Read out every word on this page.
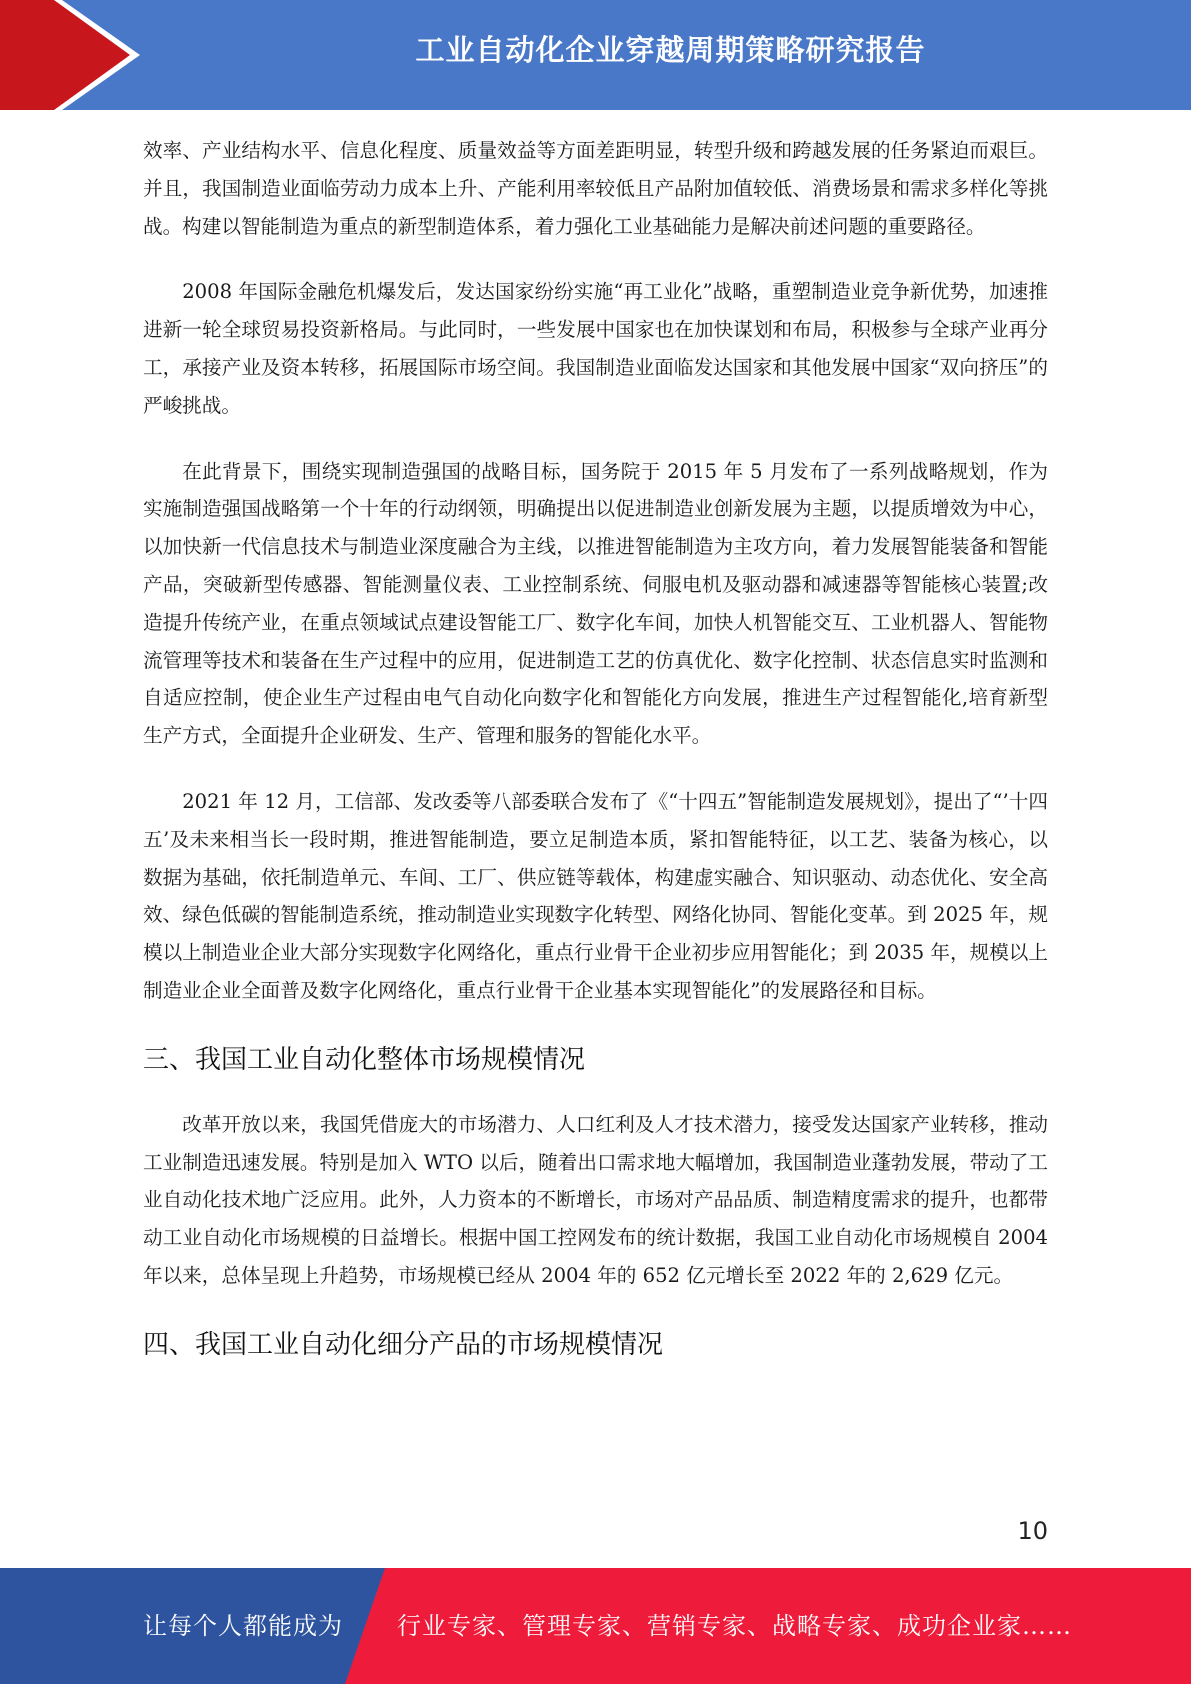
工业自动化企业穿越周期策略研究报告

效率、产业结构水平、信息化程度、质量效益等方面差距明显，转型升级和跨越发展的任务紧迫而艰巨。并且，我国制造业面临劳动力成本上升、产能利用率较低且产品附加值较低、消费场景和需求多样化等挑战。构建以智能制造为重点的新型制造体系，着力强化工业基础能力是解决前述问题的重要路径。

2008 年国际金融危机爆发后，发达国家纷纷实施“再工业化”战略，重塑制造业竞争新优势，加速推进新一轮全球贸易投资新格局。与此同时，一些发展中国家也在加快谋划和布局，积极参与全球产业再分工，承接产业及资本转移，拓展国际市场空间。我国制造业面临发达国家和其他发展中国家“双向挤压”的严峻挑战。

在此背景下，围绕实现制造强国的战略目标，国务院于 2015 年 5 月发布了一系列战略规划，作为实施制造强国战略第一个十年的行动纲领，明确提出以促进制造业创新发展为主题，以提质增效为中心，以加快新一代信息技术与制造业深度融合为主线，以推进智能制造为主攻方向，着力发展智能装备和智能产品，突破新型传感器、智能测量仪表、工业控制系统、伺服电机及驱动器和减速器等智能核心装置;改造提升传统产业，在重点领域试点建设智能工厂、数字化车间，加快人机智能交互、工业机器人、智能物流管理等技术和装备在生产过程中的应用，促进制造工艺的仿真优化、数字化控制、状态信息实时监测和自适应控制，使企业生产过程由电气自动化向数字化和智能化方向发展，推进生产过程智能化,培育新型生产方式，全面提升企业研发、生产、管理和服务的智能化水平。

2021 年 12 月，工信部、发改委等八部委联合发布了《“十四五”智能制造发展规划》，提出了“’十四五’及未来相当长一段时期，推进智能制造，要立足制造本质，紧扣智能特征，以工艺、装备为核心，以数据为基础，依托制造单元、车间、工厂、供应链等载体，构建虚实融合、知识驱动、动态优化、安全高效、绿色低碳的智能制造系统，推动制造业实现数字化转型、网络化协同、智能化变革。到 2025 年，规模以上制造业企业大部分实现数字化网络化，重点行业骨干企业初步应用智能化；到 2035 年，规模以上制造业企业全面普及数字化网络化，重点行业骨干企业基本实现智能化”的发展路径和目标。

三、我国工业自动化整体市场规模情况

改革开放以来，我国凭借庞大的市场潜力、人口红利及人才技术潜力，接受发达国家产业转移，推动工业制造迅速发展。特别是加入 WTO 以后，随着出口需求地大幅增加，我国制造业蓬勃发展，带动了工业自动化技术地广泛应用。此外，人力资本的不断增长，市场对产品品质、制造精度需求的提升，也都带动工业自动化市场规模的日益增长。根据中国工控网发布的统计数据，我国工业自动化市场规模自 2004 年以来，总体呈现上升趋势，市场规模已经从 2004 年的 652 亿元增长至 2022 年的 2,629 亿元。

四、我国工业自动化细分产品的市场规模情况
10
让每个人都能成为 行业专家、管理专家、营销专家、战略专家、成功企业家……
